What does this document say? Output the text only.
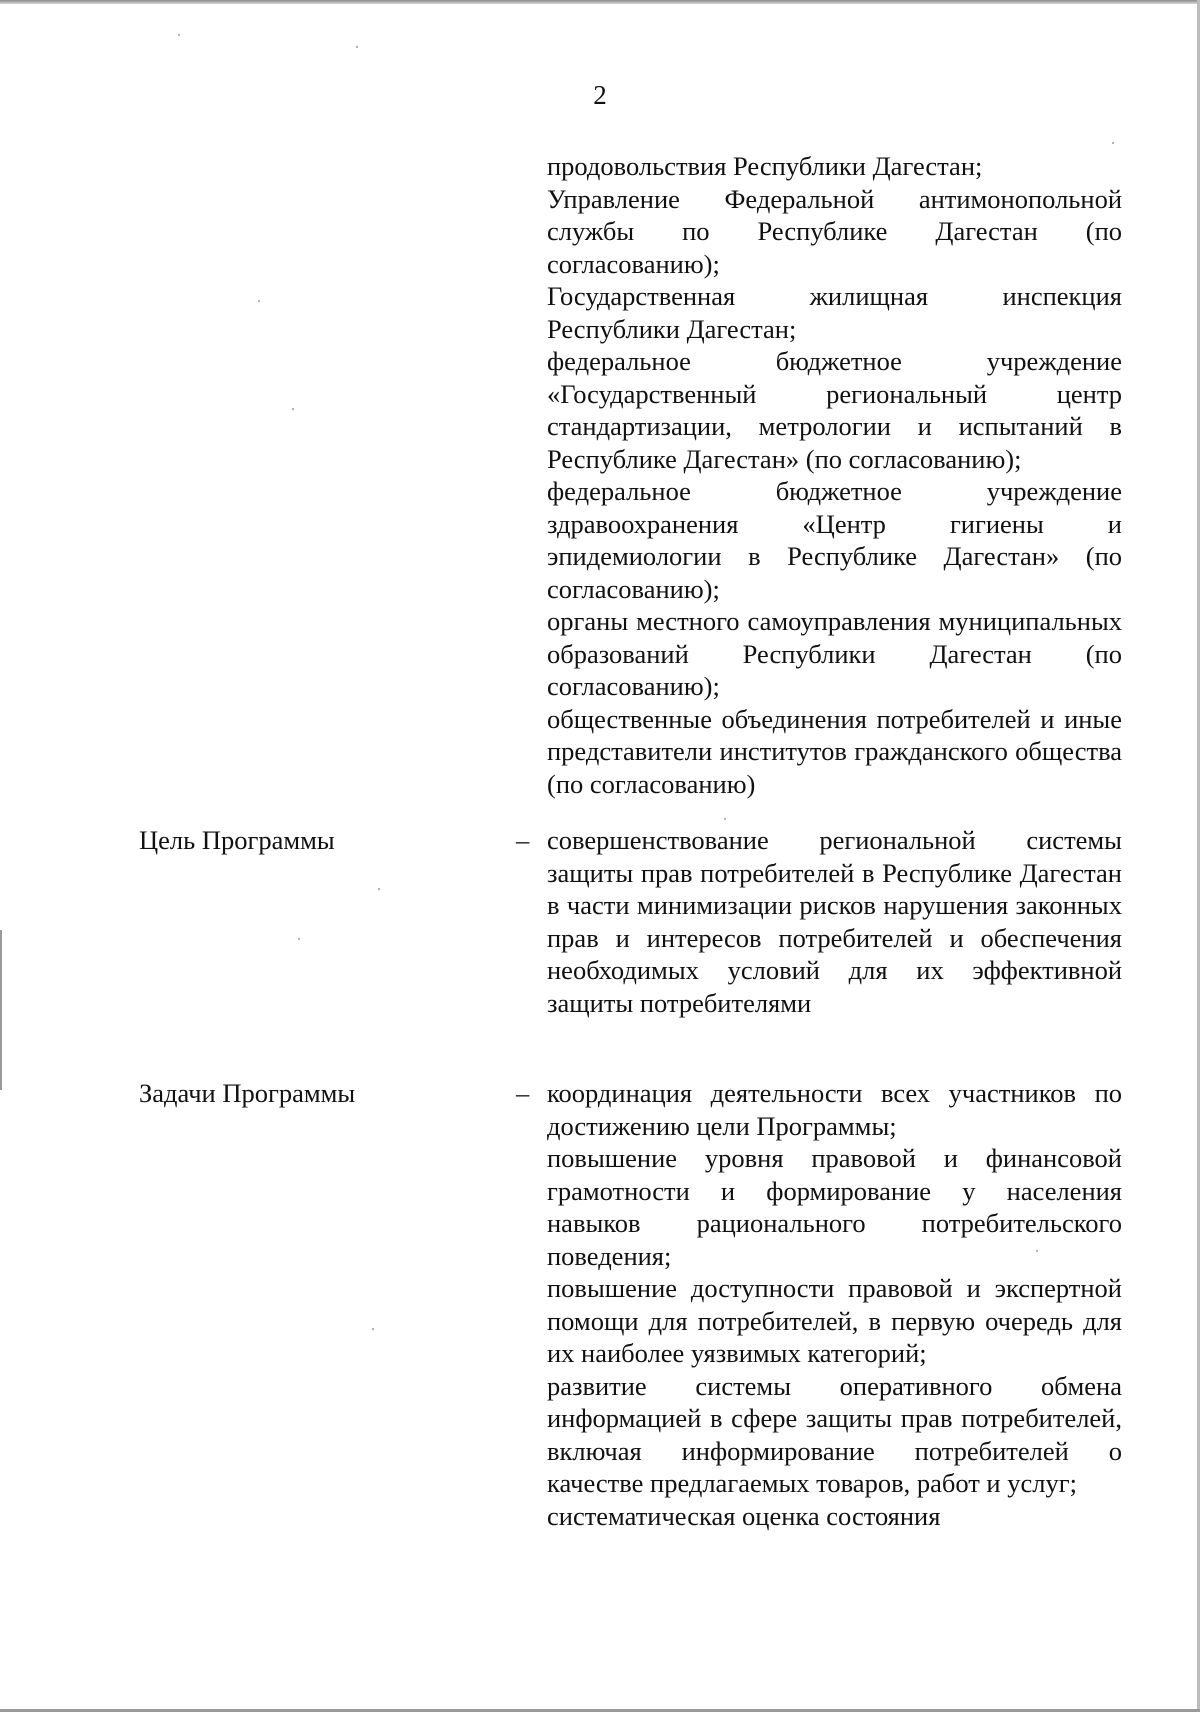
2
продовольствия Республики Дагестан;
Управление Федеральной антимонопольной службы по Республике Дагестан (по согласованию);
Государственная жилищная инспекция Республики Дагестан;
федеральное бюджетное учреждение «Государственный региональный центр стандартизации, метрологии и испытаний в Республике Дагестан» (по согласованию);
федеральное бюджетное учреждение здравоохранения «Центр гигиены и эпидемиологии в Республике Дагестан» (по согласованию);
органы местного самоуправления муниципальных образований Республики Дагестан (по согласованию);
общественные объединения потребителей и иные представители институтов гражданского общества (по согласованию)
Цель Программы	– совершенствование региональной системы защиты прав потребителей в Республике Дагестан в части минимизации рисков нарушения законных прав и интересов потребителей и обеспечения необходимых условий для их эффективной защиты потребителями
Задачи Программы	– координация деятельности всех участников по достижению цели Программы;
повышение уровня правовой и финансовой грамотности и формирование у населения навыков рационального потребительского поведения;
повышение доступности правовой и экспертной помощи для потребителей, в первую очередь для их наиболее уязвимых категорий;
развитие системы оперативного обмена информацией в сфере защиты прав потребителей, включая информирование потребителей о качестве предлагаемых товаров, работ и услуг;
систематическая оценка состояния
